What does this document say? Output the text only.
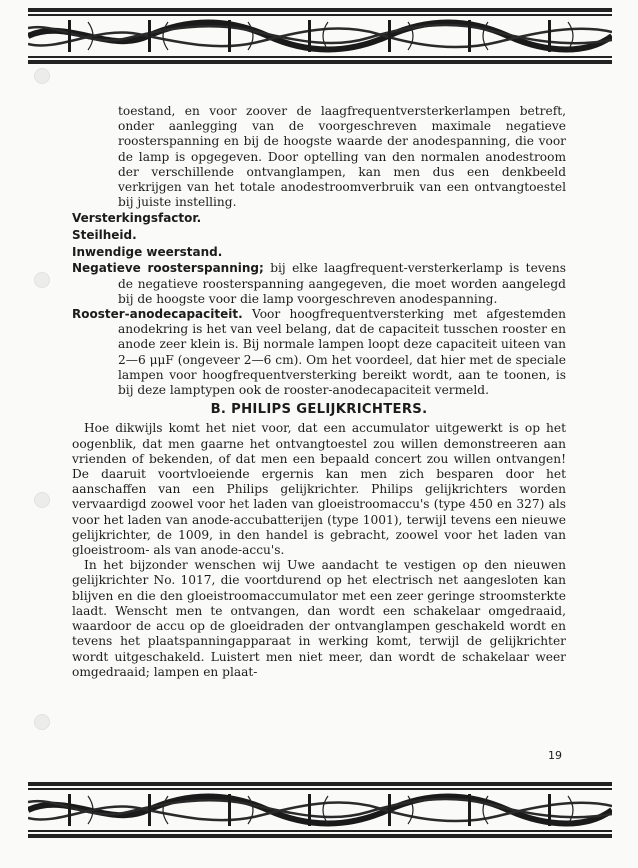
toestand, en voor zoover de laagfrequentversterkerlampen betreft, onder aanlegging van de voorgeschreven maximale negatieve roosterspanning en bij de hoogste waarde der anodespanning, die voor de lamp is opgegeven. Door optelling van den normalen anodestroom der verschillende ontvanglampen, kan men dus een denkbeeld verkrijgen van het totale anodestroomverbruik van een ontvangtoestel bij juiste instelling.

Versterkingsfactor.

Steilheid.

Inwendige weerstand.

Negatieve roosterspanning; bij elke laagfrequent-versterkerlamp is tevens de negatieve roosterspanning aangegeven, die moet worden aangelegd bij de hoogste voor die lamp voorgeschreven anodespanning.

Rooster-anodecapaciteit. Voor hoogfrequentversterking met afgestemden anodekring is het van veel belang, dat de capaciteit tusschen rooster en anode zeer klein is. Bij normale lampen loopt deze capaciteit uiteen van 2—6 μμF (ongeveer 2—6 cm). Om het voordeel, dat hier met de speciale lampen voor hoogfrequentversterking bereikt wordt, aan te toonen, is bij deze lamptypen ook de rooster-anodecapaciteit vermeld.

B. PHILIPS GELIJKRICHTERS.

Hoe dikwijls komt het niet voor, dat een accumulator uitgewerkt is op het oogenblik, dat men gaarne het ontvangtoestel zou willen demonstreeren aan vrienden of bekenden, of dat men een bepaald concert zou willen ontvangen! De daaruit voortvloeiende ergernis kan men zich besparen door het aanschaffen van een Philips gelijkrichter. Philips gelijkrichters worden vervaardigd zoowel voor het laden van gloeistroomaccu's (type 450 en 327) als voor het laden van anode-accubatterijen (type 1001), terwijl tevens een nieuwe gelijkrichter, de 1009, in den handel is gebracht, zoowel voor het laden van gloeistroom- als van anode-accu's.

In het bijzonder wenschen wij Uwe aandacht te vestigen op den nieuwen gelijkrichter No. 1017, die voortdurend op het electrisch net aangesloten kan blijven en die den gloeistroomaccumulator met een zeer geringe stroomsterkte laadt. Wenscht men te ontvangen, dan wordt een schakelaar omgedraaid, waardoor de accu op de gloeidraden der ontvanglampen geschakeld wordt en tevens het plaatspanningapparaat in werking komt, terwijl de gelijkrichter wordt uitgeschakeld. Luistert men niet meer, dan wordt de schakelaar weer omgedraaid; lampen en plaat-

19
